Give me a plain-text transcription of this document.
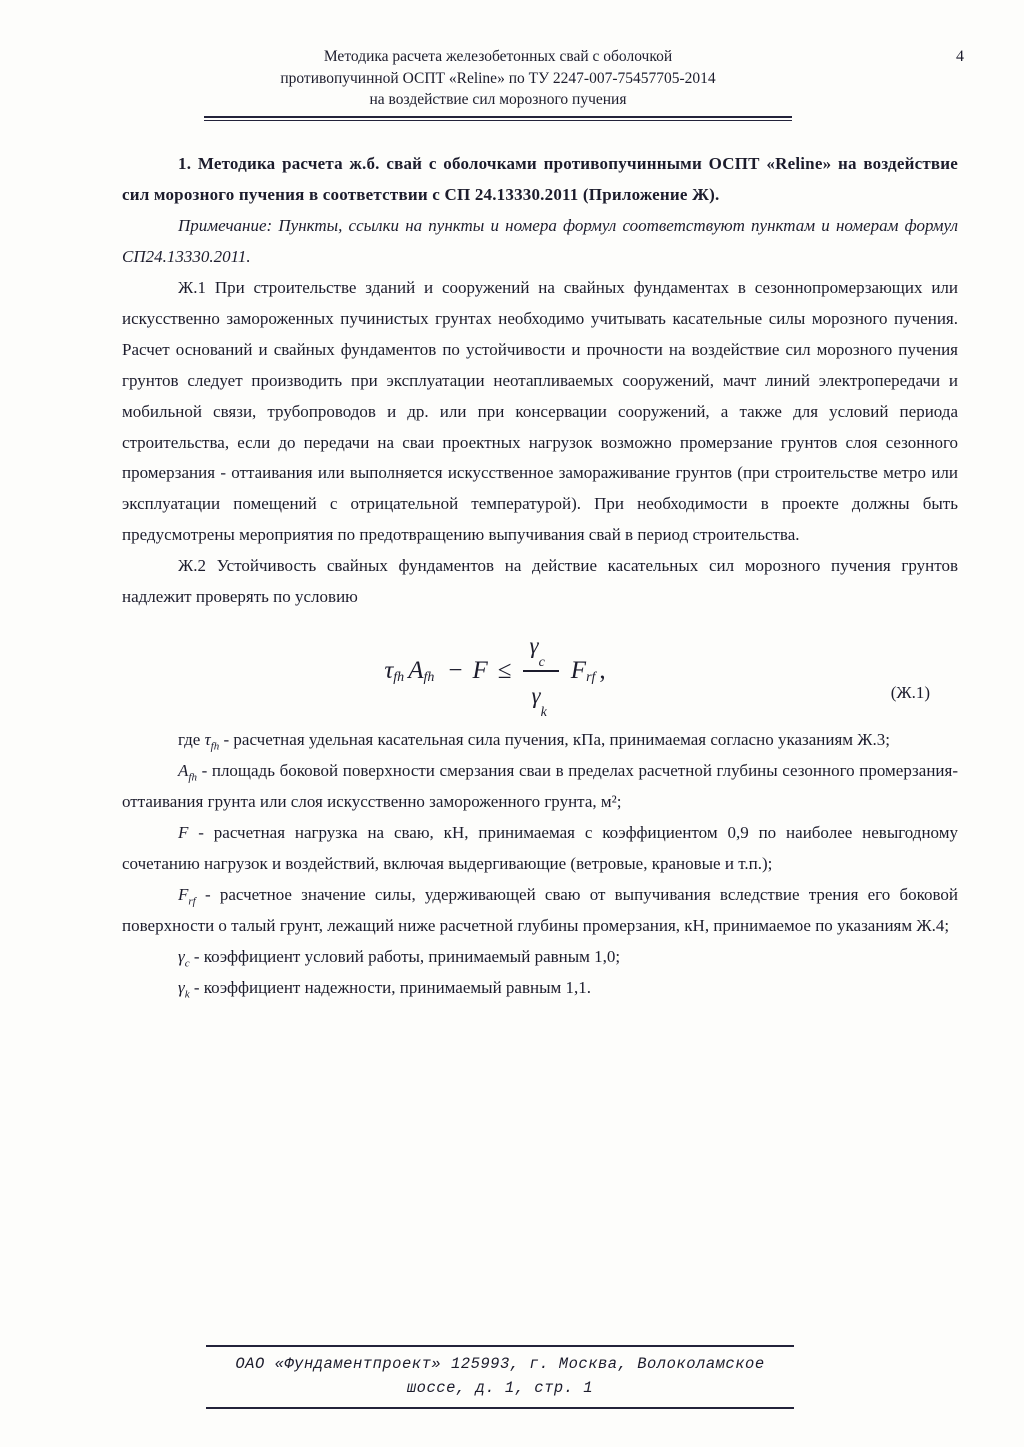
4
Методика расчета железобетонных свай с оболочкой
противопучинной ОСПТ «Reline» по ТУ 2247-007-75457705-2014
на воздействие сил морозного пучения

1. Методика расчета ж.б. свай с оболочками противопучинными ОСПТ «Reline» на воздействие сил морозного пучения в соответствии с СП 24.13330.2011 (Приложение Ж).

Примечание: Пункты, ссылки на пункты и номера формул соответствуют пунктам и номерам формул СП24.13330.2011.

Ж.1 При строительстве зданий и сооружений на свайных фундаментах в сезоннопромерзающих или искусственно замороженных пучинистых грунтах необходимо учитывать касательные силы морозного пучения. Расчет оснований и свайных фундаментов по устойчивости и прочности на воздействие сил морозного пучения грунтов следует производить при эксплуатации неотапливаемых сооружений, мачт линий электропередачи и мобильной связи, трубопроводов и др. или при консервации сооружений, а также для условий периода строительства, если до передачи на сваи проектных нагрузок возможно промерзание грунтов слоя сезонного промерзания - оттаивания или выполняется искусственное замораживание грунтов (при строительстве метро или эксплуатации помещений с отрицательной температурой). При необходимости в проекте должны быть предусмотрены мероприятия по предотвращению выпучивания свай в период строительства.

Ж.2 Устойчивость свайных фундаментов на действие касательных сил морозного пучения грунтов надлежит проверять по условию

$\tau_{fh}$ $A_{fh} - F \le \frac{\gamma_c}{\gamma_k} F_{rf}$ ,
(Ж.1)

где $\tau_{fh}$ - расчетная удельная касательная сила пучения, кПа, принимаемая согласно указаниям Ж.3;

$A_{fh}$ - площадь боковой поверхности смерзания сваи в пределах расчетной глубины сезонного промерзания-оттаивания грунта или слоя искусственно замороженного грунта, м²;

F - расчетная нагрузка на сваю, кН, принимаемая с коэффициентом 0,9 по наиболее невыгодному сочетанию нагрузок и воздействий, включая выдергивающие (ветровые, крановые и т.п.);

$F_{rf}$ - расчетное значение силы, удерживающей сваю от выпучивания вследствие трения его боковой поверхности о талый грунт, лежащий ниже расчетной глубины промерзания, кН, принимаемое по указаниям Ж.4;

$\gamma_c$ - коэффициент условий работы, принимаемый равным 1,0;

$\gamma_k$ - коэффициент надежности, принимаемый равным 1,1.

ОАО «Фундаментпроект» 125993, г. Москва, Волоколамское
шоссе, д. 1, стр. 1
